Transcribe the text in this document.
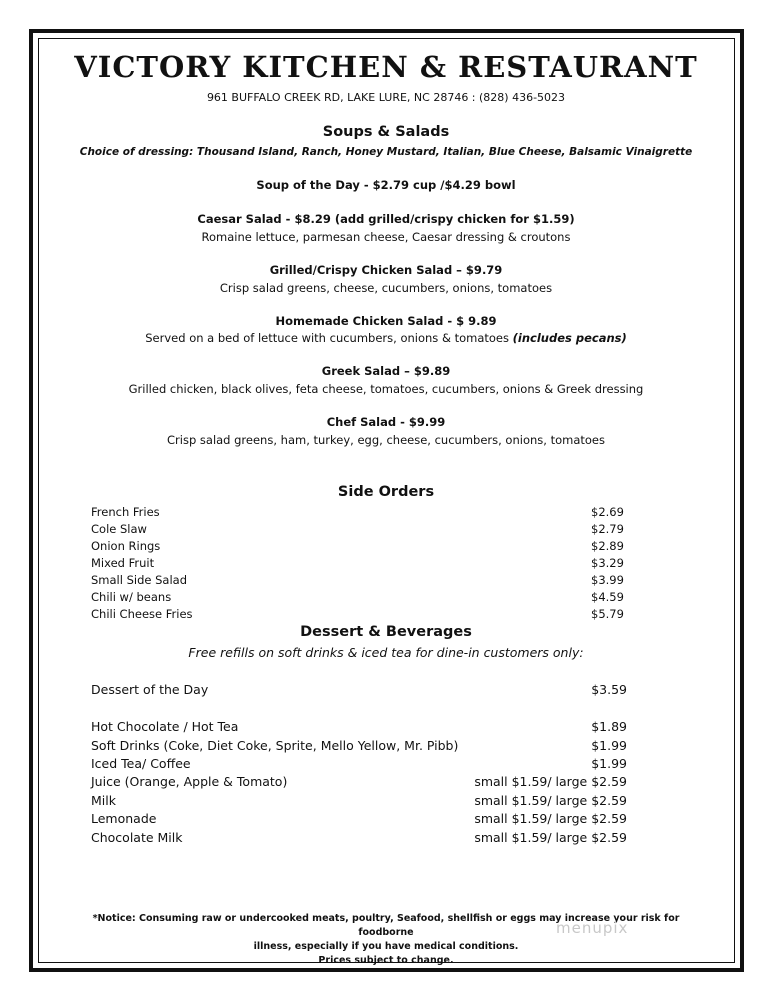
VICTORY KITCHEN & RESTAURANT
961 BUFFALO CREEK RD, LAKE LURE, NC 28746 : (828) 436-5023
Soups & Salads
Choice of dressing: Thousand Island, Ranch, Honey Mustard, Italian, Blue Cheese, Balsamic Vinaigrette
Soup of the Day - $2.79 cup /$4.29 bowl
Caesar Salad - $8.29 (add grilled/crispy chicken for $1.59)
Romaine lettuce, parmesan cheese, Caesar dressing & croutons
Grilled/Crispy Chicken Salad – $9.79
Crisp salad greens, cheese, cucumbers, onions, tomatoes
Homemade Chicken Salad - $ 9.89
Served on a bed of lettuce with cucumbers, onions & tomatoes (includes pecans)
Greek Salad – $9.89
Grilled chicken, black olives, feta cheese, tomatoes, cucumbers, onions & Greek dressing
Chef Salad - $9.99
Crisp salad greens, ham, turkey, egg, cheese, cucumbers, onions, tomatoes
Side Orders
French Fries	$2.69
Cole Slaw	$2.79
Onion Rings	$2.89
Mixed Fruit	$3.29
Small Side Salad	$3.99
Chili w/ beans	$4.59
Chili Cheese Fries	$5.79
Dessert & Beverages
Free refills on soft drinks & iced tea for dine-in customers only:
Dessert of the Day	$3.59
Hot Chocolate / Hot Tea	$1.89
Soft Drinks (Coke, Diet Coke, Sprite, Mello Yellow, Mr. Pibb)	$1.99
Iced Tea/ Coffee	$1.99
Juice (Orange, Apple & Tomato)	small $1.59/ large $2.59
Milk	small $1.59/ large $2.59
Lemonade	small $1.59/ large $2.59
Chocolate Milk	small $1.59/ large $2.59
*Notice: Consuming raw or undercooked meats, poultry, Seafood, shellfish or eggs may increase your risk for foodborne
illness, especially if you have medical conditions.
Prices subject to change.
menupix
